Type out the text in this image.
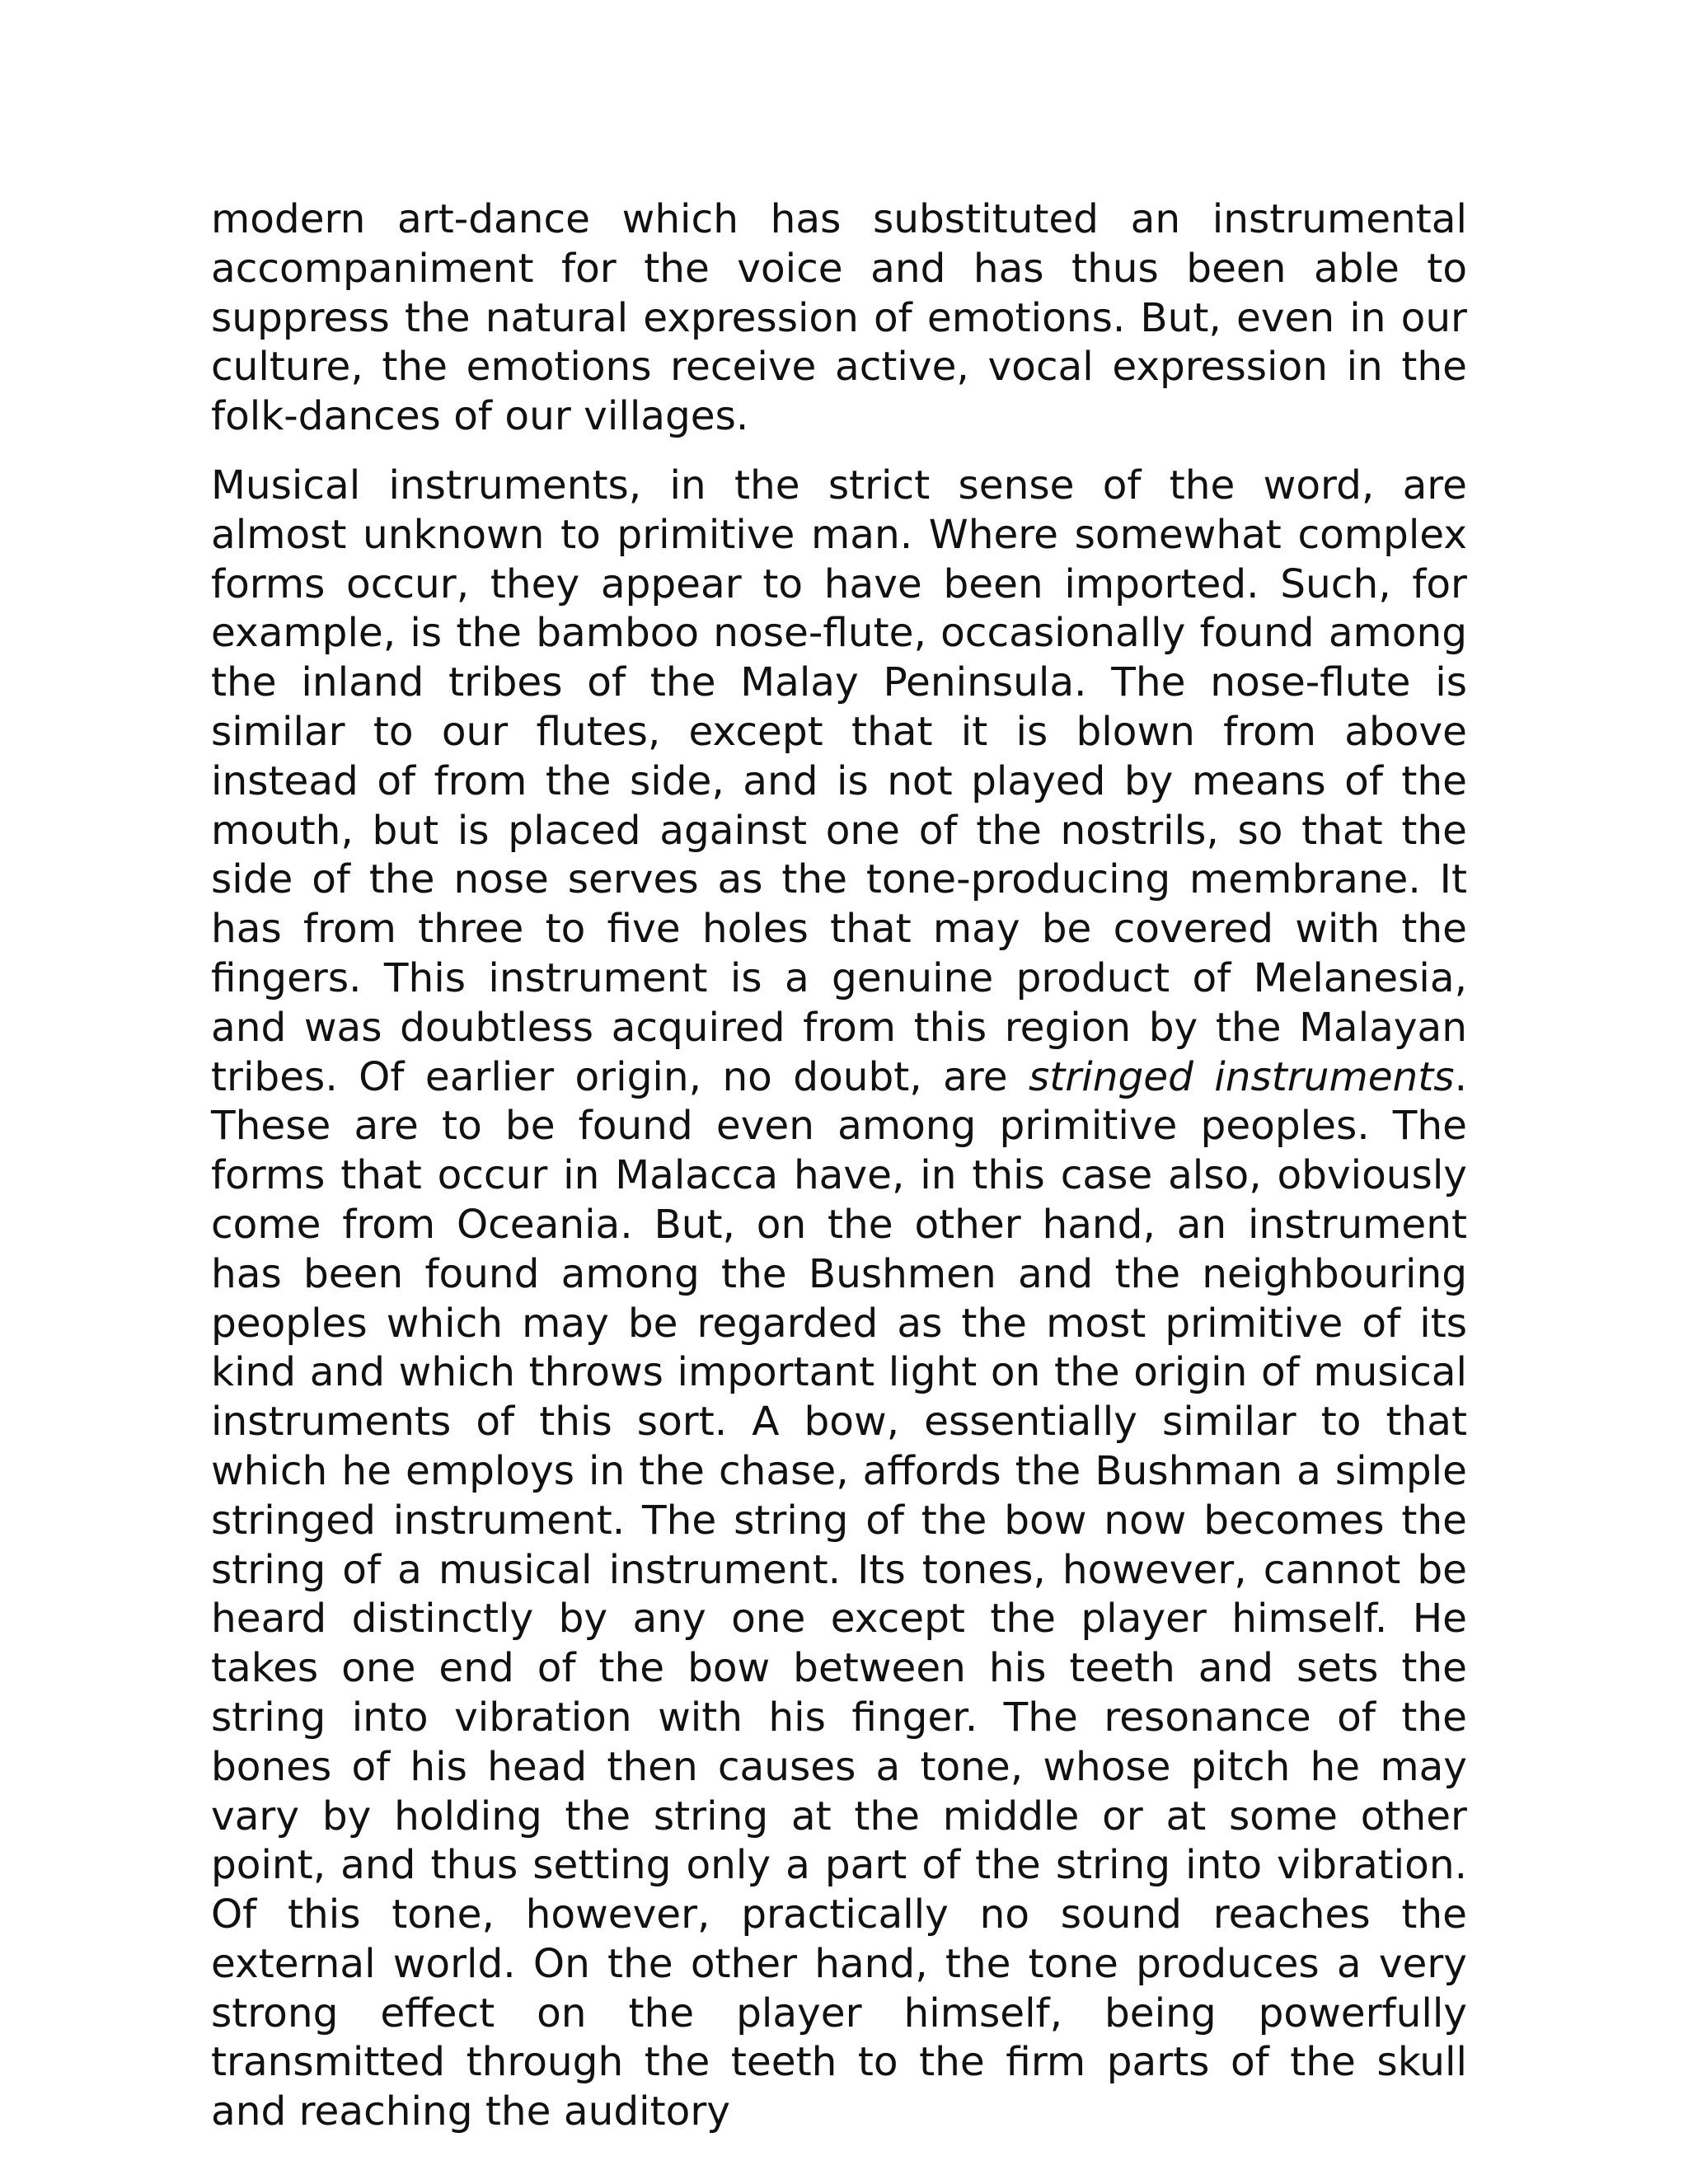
modern art-dance which has substituted an instrumental accompaniment for the voice and has thus been able to suppress the natural expression of emotions. But, even in our culture, the emotions receive active, vocal expression in the folk-dances of our villages.

Musical instruments, in the strict sense of the word, are almost unknown to primitive man. Where somewhat complex forms occur, they appear to have been imported. Such, for example, is the bamboo nose-flute, occasionally found among the inland tribes of the Malay Peninsula. The nose-flute is similar to our flutes, except that it is blown from above instead of from the side, and is not played by means of the mouth, but is placed against one of the nostrils, so that the side of the nose serves as the tone-producing membrane. It has from three to five holes that may be covered with the fingers. This instrument is a genuine product of Melanesia, and was doubtless acquired from this region by the Malayan tribes. Of earlier origin, no doubt, are stringed instruments. These are to be found even among primitive peoples. The forms that occur in Malacca have, in this case also, obviously come from Oceania. But, on the other hand, an instrument has been found among the Bushmen and the neighbouring peoples which may be regarded as the most primitive of its kind and which throws important light on the origin of musical instruments of this sort. A bow, essentially similar to that which he employs in the chase, affords the Bushman a simple stringed instrument. The string of the bow now becomes the string of a musical instrument. Its tones, however, cannot be heard distinctly by any one except the player himself. He takes one end of the bow between his teeth and sets the string into vibration with his finger. The resonance of the bones of his head then causes a tone, whose pitch he may vary by holding the string at the middle or at some other point, and thus setting only a part of the string into vibration. Of this tone, however, practically no sound reaches the external world. On the other hand, the tone produces a very strong effect on the player himself, being powerfully transmitted through the teeth to the firm parts of the skull and reaching the auditory
